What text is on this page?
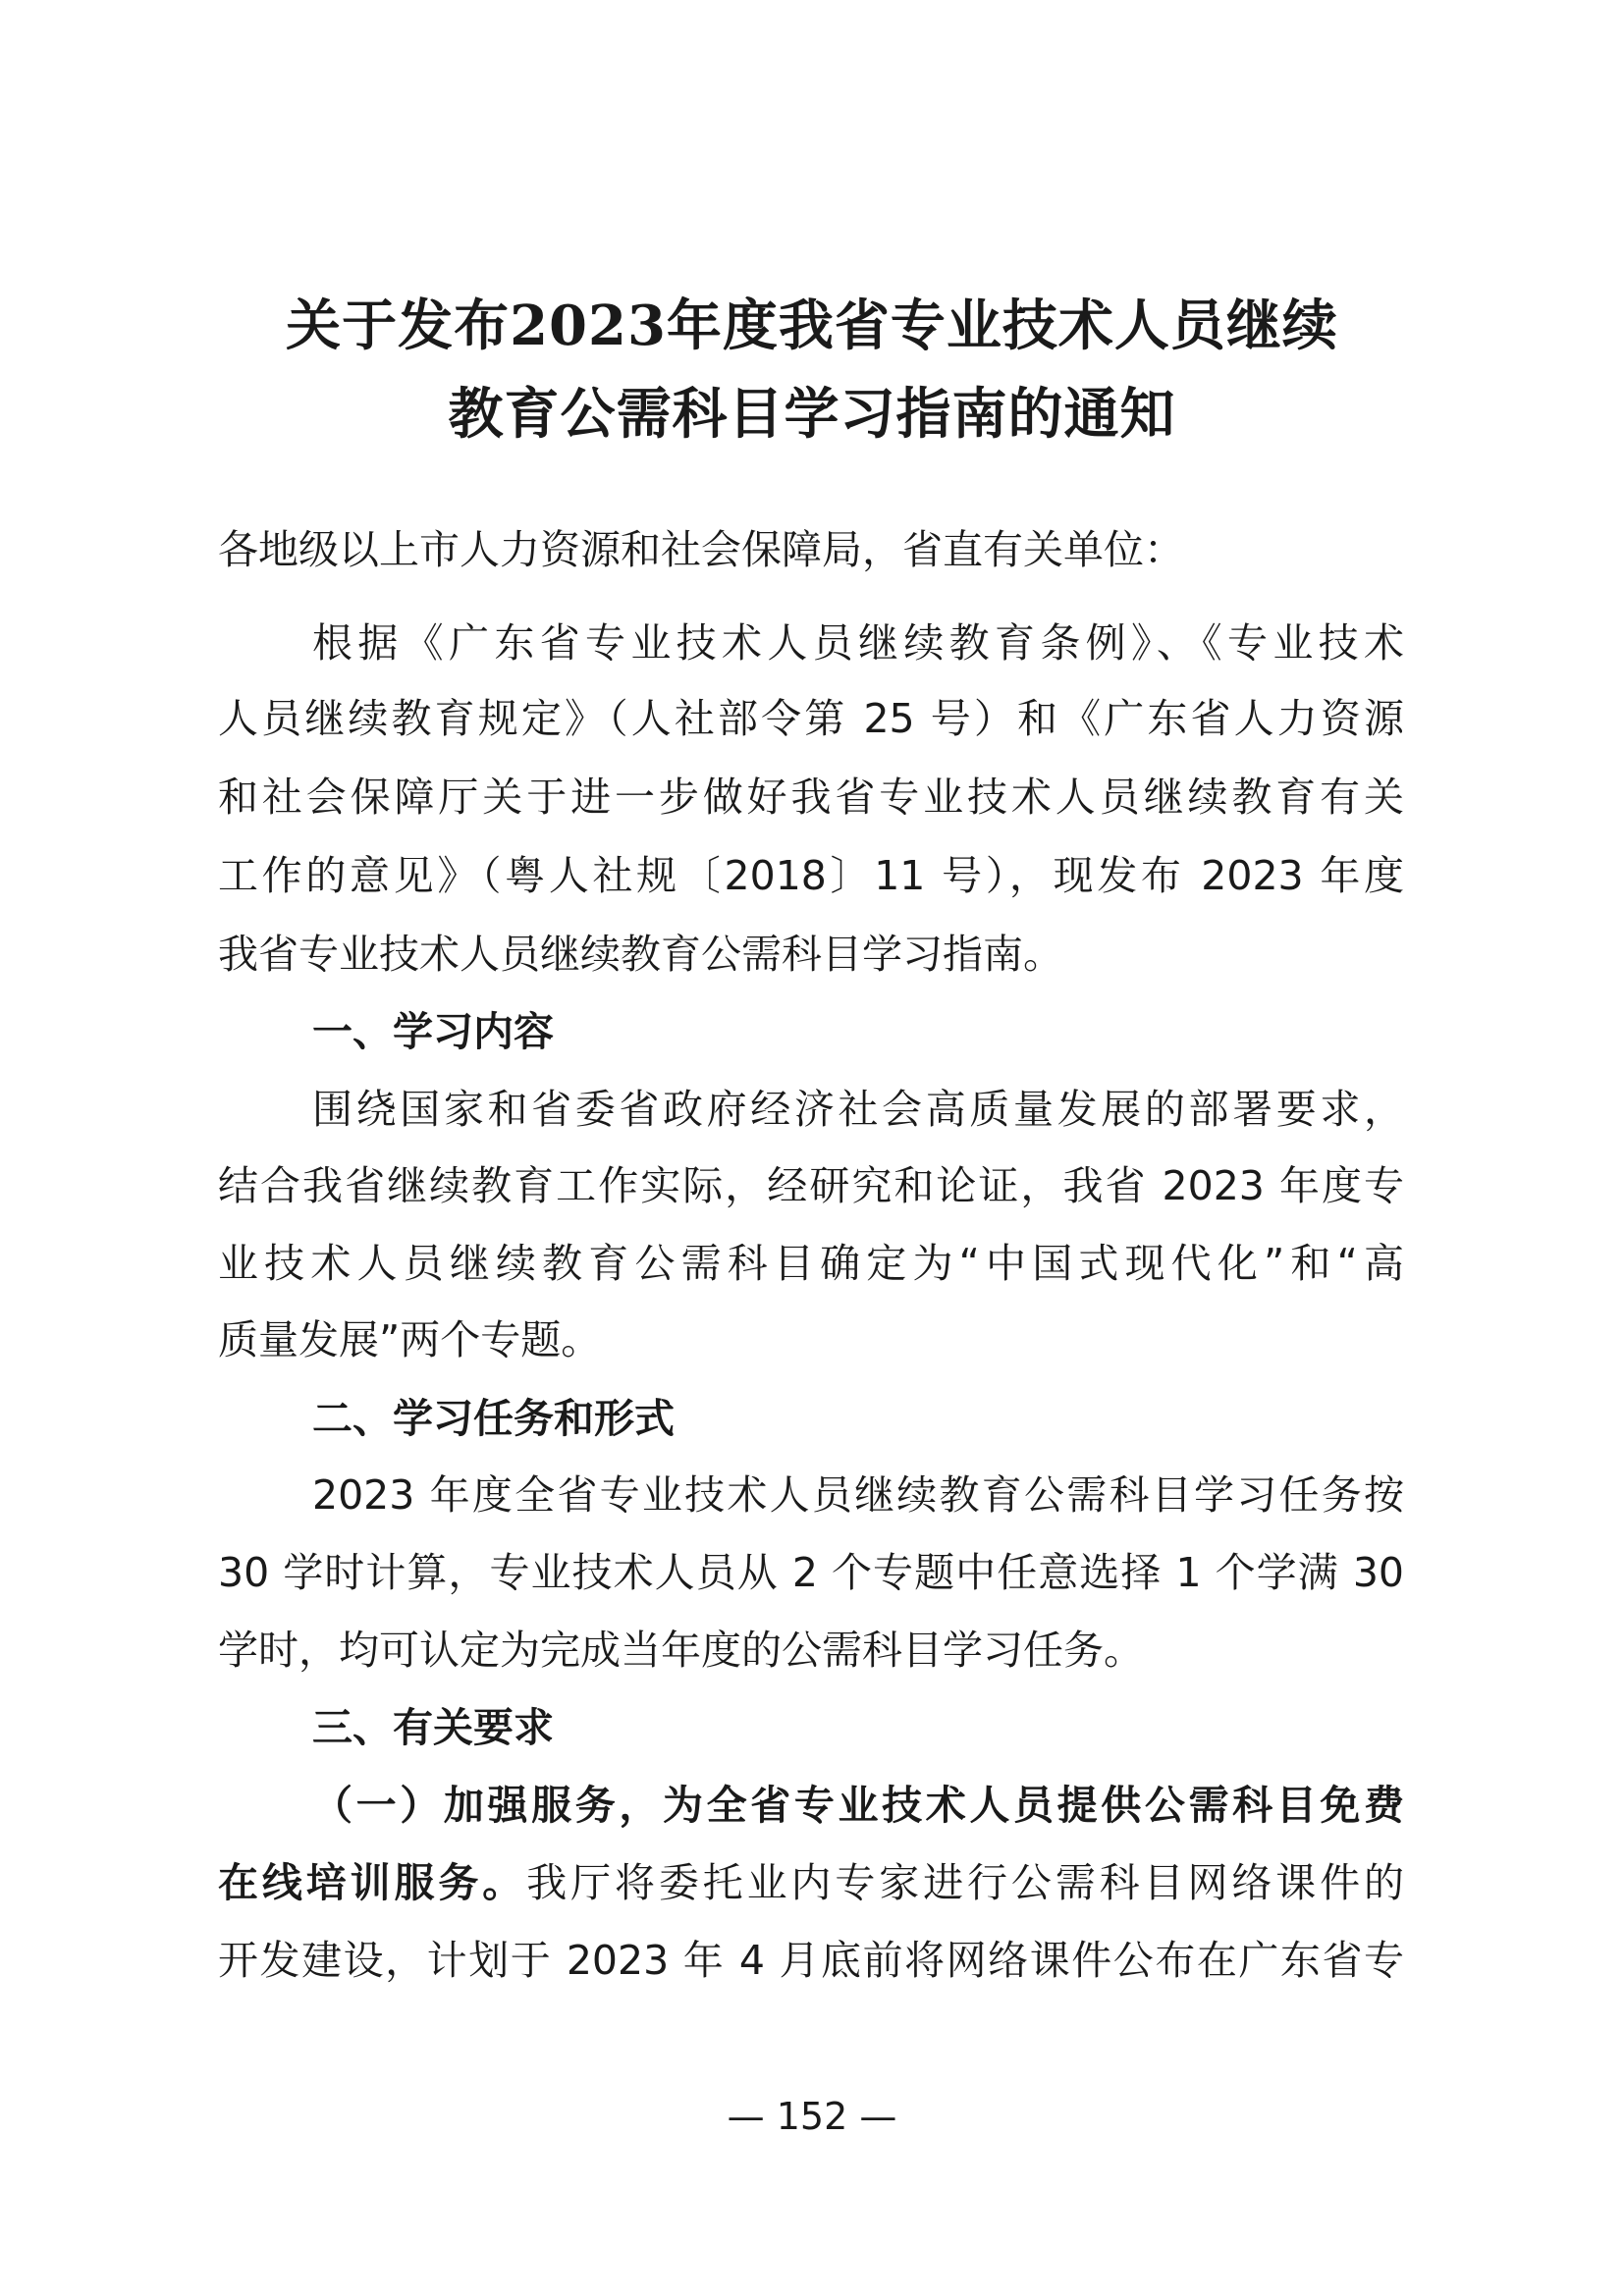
关于发布2023年度我省专业技术人员继续
教育公需科目学习指南的通知
各地级以上市人力资源和社会保障局，省直有关单位：
根据《广东省专业技术人员继续教育条例》、《专业技术
人员继续教育规定》（人社部令第 25 号）和《广东省人力资源
和社会保障厅关于进一步做好我省专业技术人员继续教育有关
工作的意见》（粤人社规〔2018〕11 号），现发布 2023 年度
我省专业技术人员继续教育公需科目学习指南。
一、学习内容
围绕国家和省委省政府经济社会高质量发展的部署要求，
结合我省继续教育工作实际，经研究和论证，我省 2023 年度专
业技术人员继续教育公需科目确定为“中国式现代化”和“高
质量发展”两个专题。
二、学习任务和形式
2023 年度全省专业技术人员继续教育公需科目学习任务按
30 学时计算，专业技术人员从 2 个专题中任意选择 1 个学满 30
学时，均可认定为完成当年度的公需科目学习任务。
三、有关要求
（一）加强服务，为全省专业技术人员提供公需科目免费
在线培训服务。我厅将委托业内专家进行公需科目网络课件的
开发建设，计划于 2023 年 4 月底前将网络课件公布在广东省专
— 152 —
